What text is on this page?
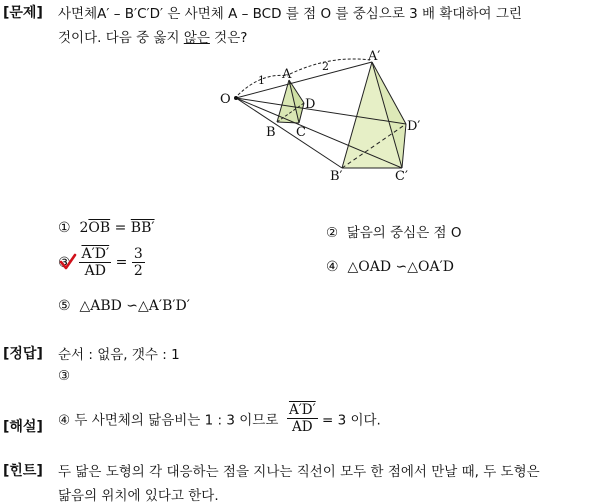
[문제] 사면체A′ – B′C′D′ 은 사면체 A – BCD 를 점 O 를 중심으로 3 배 확대하여 그린
것이다. 다음 중 옳지 않은 것은?
O
A
B C
D
A′
B′	C′
D′
1
2
① $2\overline{OB} = BB'$	② 닮음의 중심은 점 O
③
$\frac{A'D'}{AD} = \frac{3}{2}$	④ △OAD ∽△OA′D
⑤ △ABD ∽△A′B′D′
[정답] 순서 : 없음, 갯수 : 1
③
[해설] ④ 두 사면체의 닮음비는 1 : 3 이므로 $\frac{A'D'}{AD} = 3$ 이다.
[힌트] 두 닮은 도형의 각 대응하는 점을 지나는 직선이 모두 한 점에서 만날 때, 두 도형은
닮음의 위치에 있다고 한다.
